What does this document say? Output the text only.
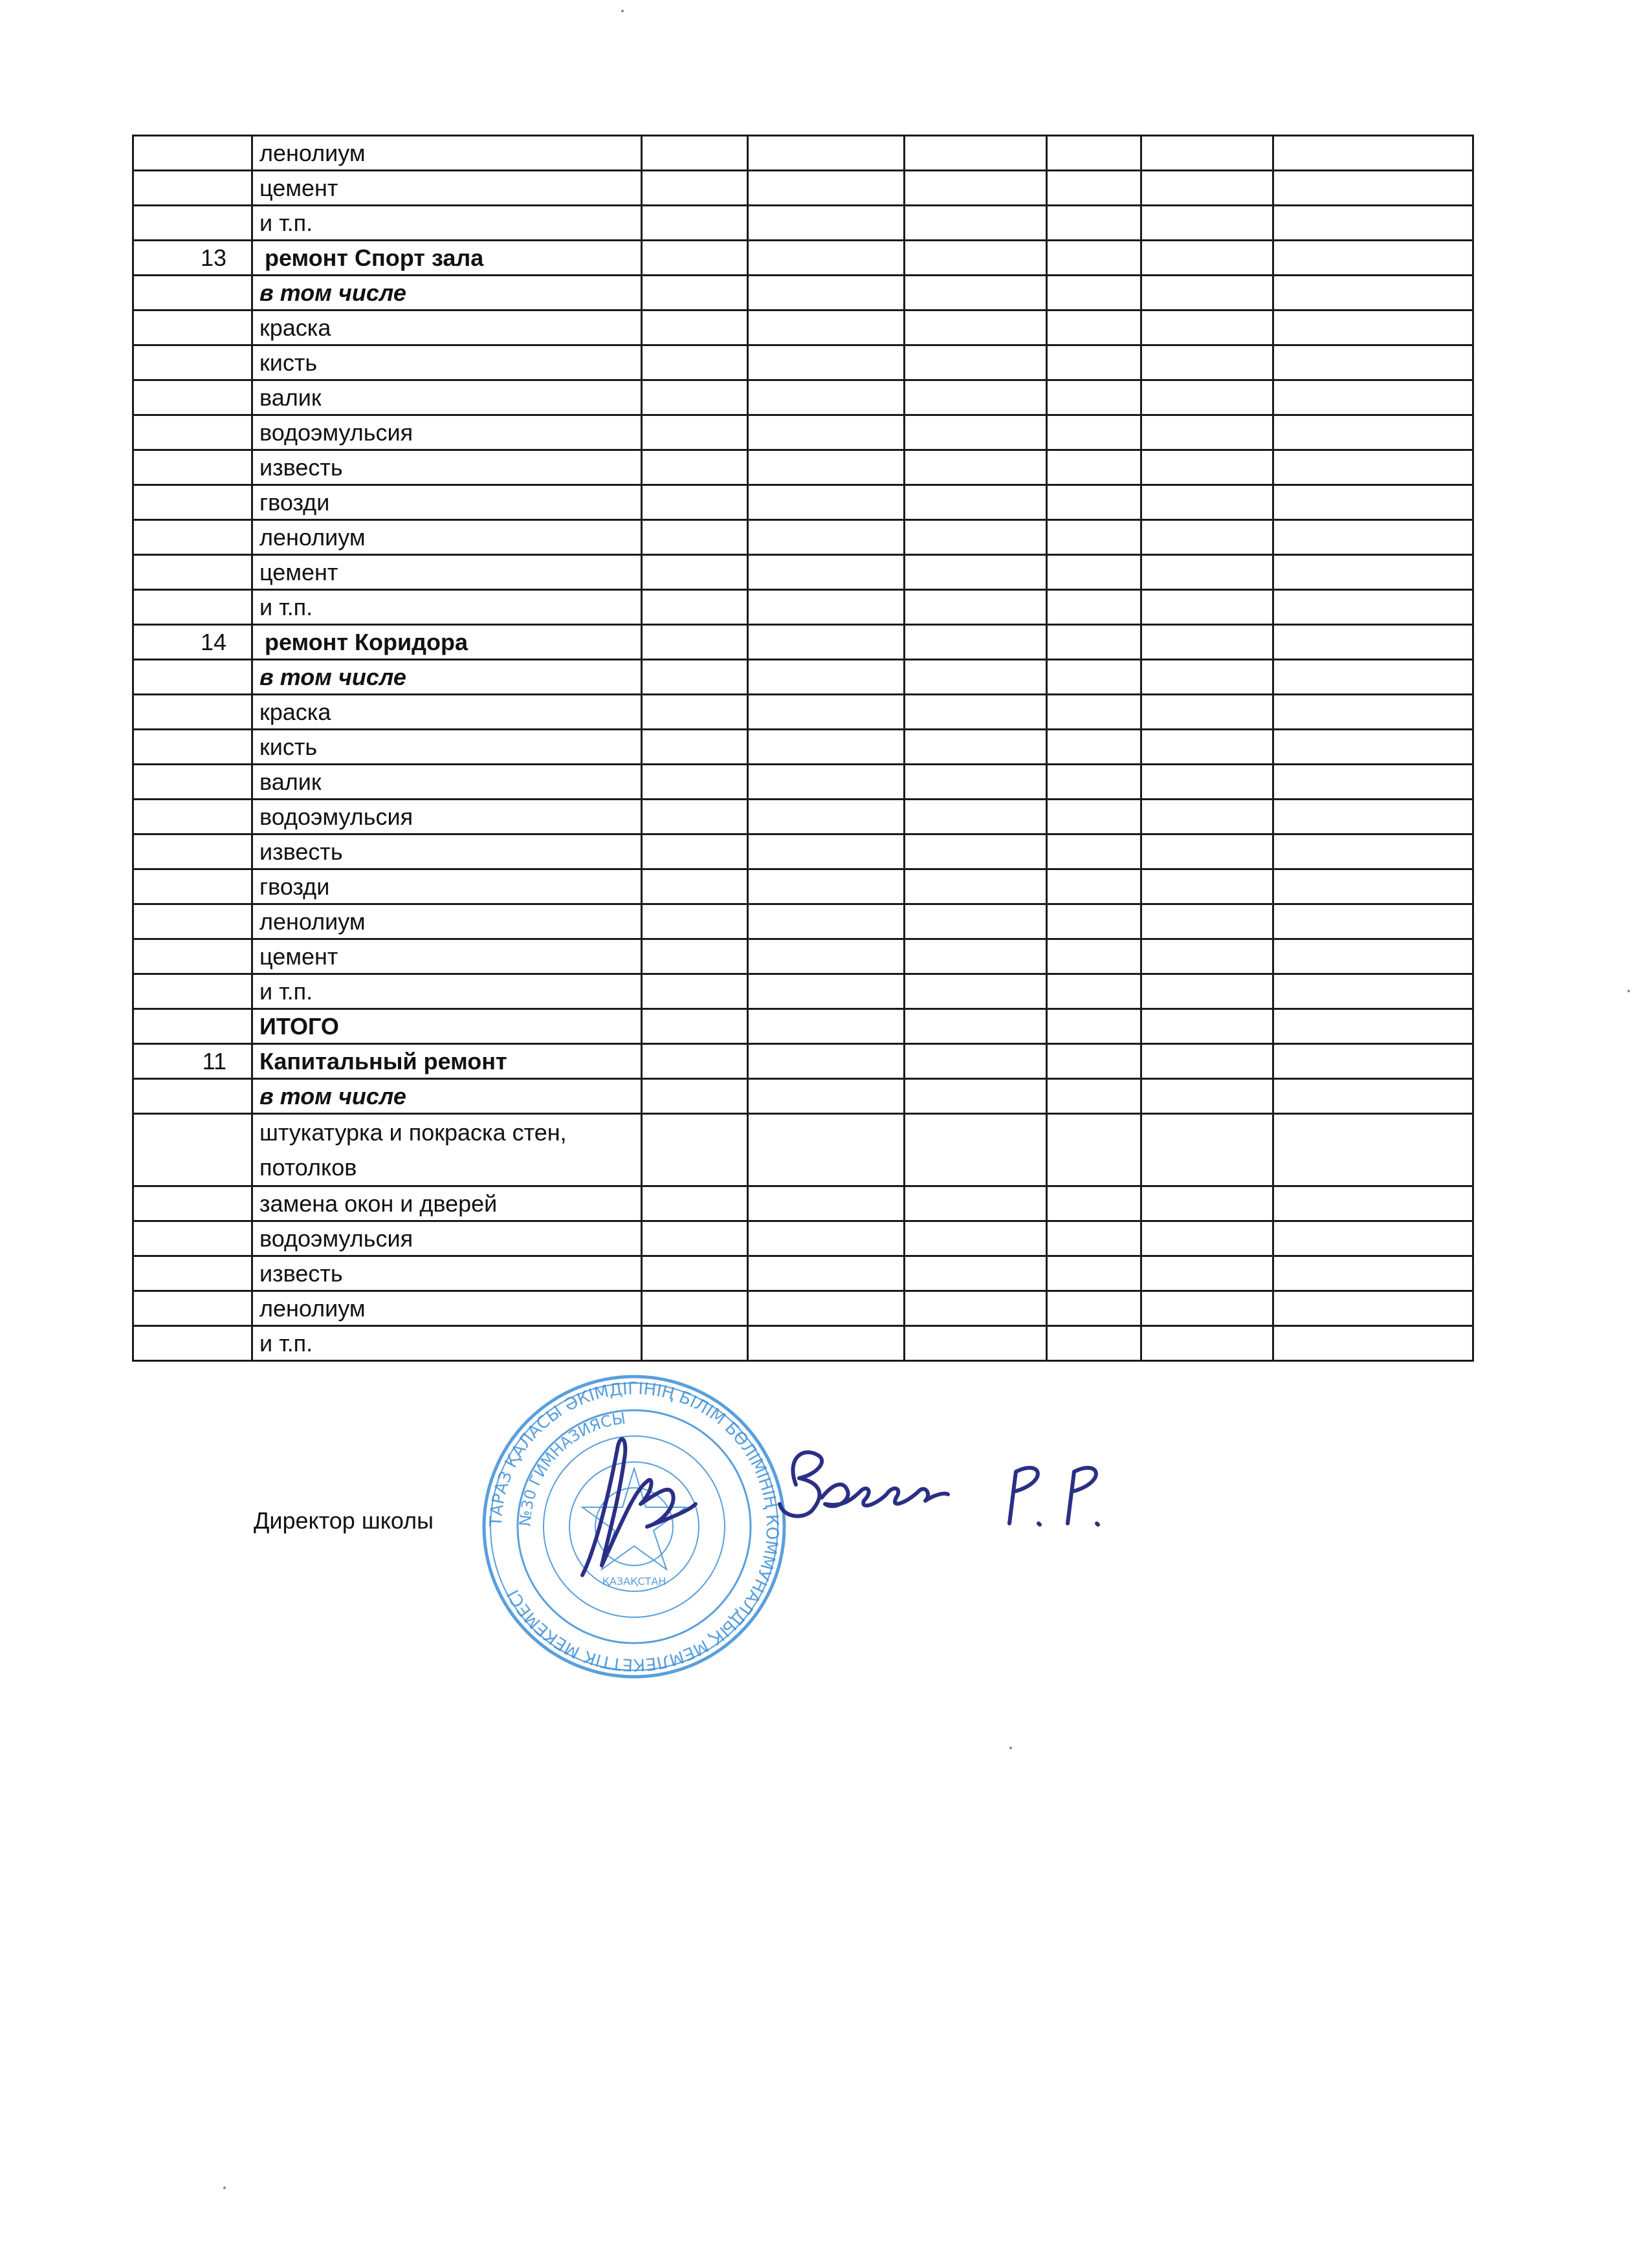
	ленолиум						
	цемент						
	и т.п.						
13	ремонт Спорт зала						
	в том числе						
	краска						
	кисть						
	валик						
	водоэмульсия						
	известь						
	гвозди						
	ленолиум						
	цемент						
	и т.п.						
14	ремонт Коридора						
	в том числе						
	краска						
	кисть						
	валик						
	водоэмульсия						
	известь						
	гвозди						
	ленолиум						
	цемент						
	и т.п.						
	ИТОГО						
11	Капитальный ремонт						
	в том числе						
	штукатурка и покраска стен, потолков						
	замена окон и дверей						
	водоэмульсия						
	известь						
	ленолиум						
	и т.п.						
Директор школы	ТАРАЗ ҚАЛАСЫ ӘКІМДІГІНІҢ БІЛІМ БӨЛІМІНІҢ КОММУНАЛДЫҚ МЕМЛЕКЕТТІК МЕКЕМЕСІ
№30 ГИМНАЗИЯСЫ
ҚАЗАҚСТАН
